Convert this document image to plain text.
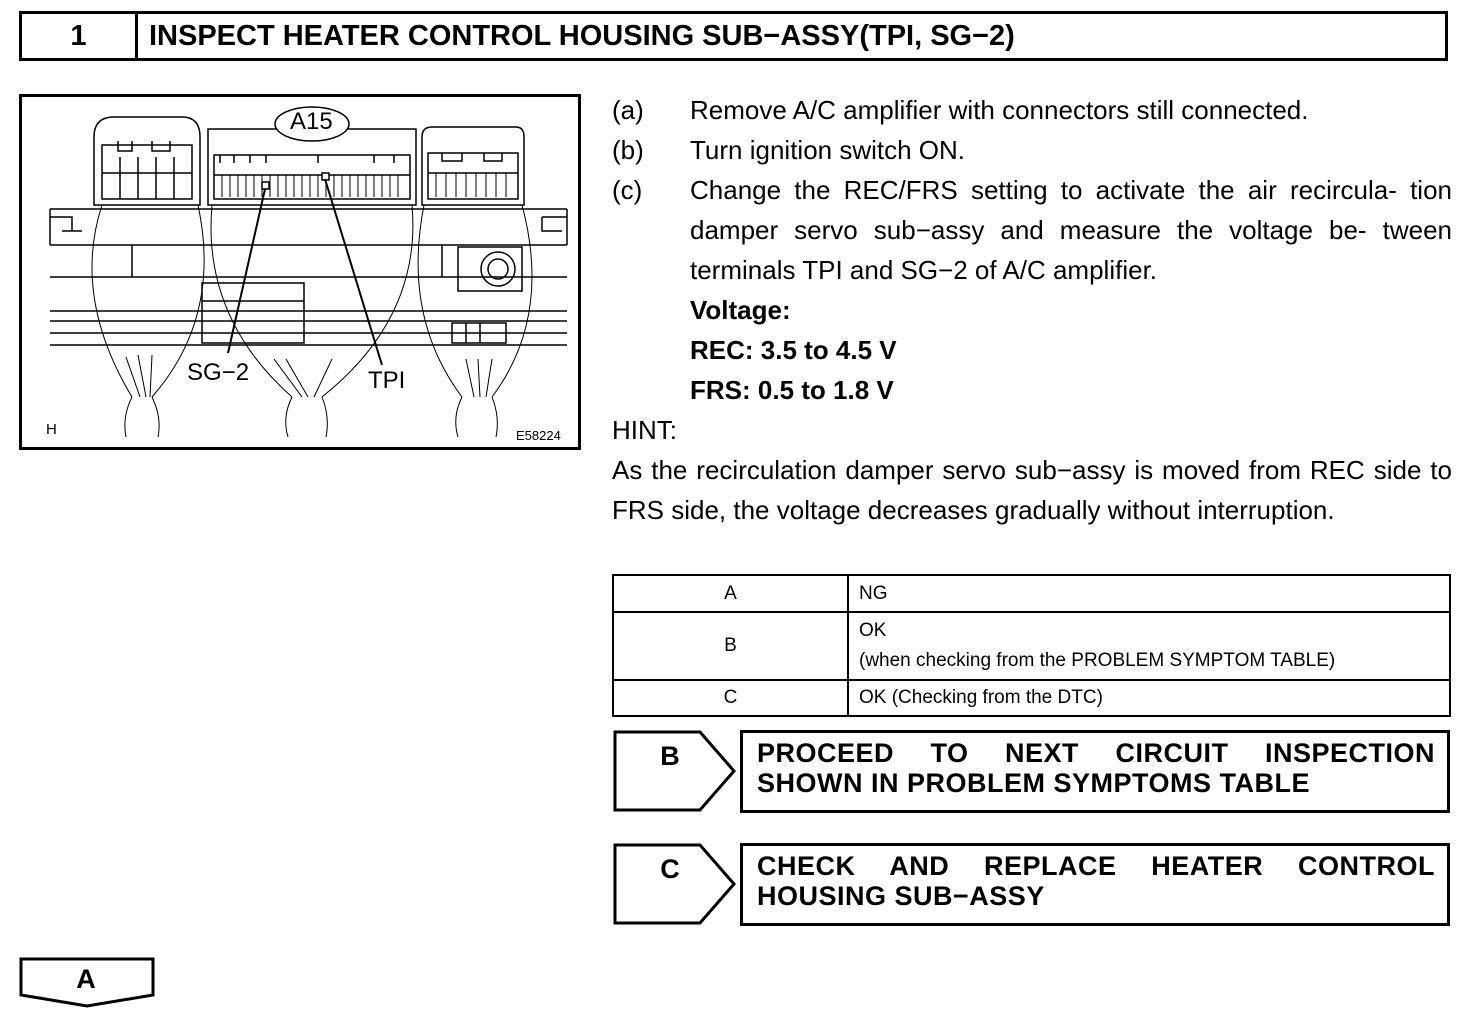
1	INSPECT HEATER CONTROL HOUSING SUB−ASSY(TPI, SG−2)
A15
SG−2	TPI
H	E58224
(a)	Remove A/C amplifier with connectors still connected.
(b)	Turn ignition switch ON.
(c)	Change the REC/FRS setting to activate the air recircula- tion damper servo sub−assy and measure the voltage be- tween terminals TPI and SG−2 of A/C amplifier.
Voltage:
REC: 3.5 to 4.5 V
FRS: 0.5 to 1.8 V
HINT:
As the recirculation damper servo sub−assy is moved from REC side to FRS side, the voltage decreases gradually without interruption.
A	NG
B	OK
(when checking from the PROBLEM SYMPTOM TABLE)

C	OK (Checking from the DTC)
B	PROCEED TO NEXT CIRCUIT INSPECTION
SHOWN IN PROBLEM SYMPTOMS TABLE
C	CHECK AND REPLACE HEATER CONTROL
HOUSING SUB−ASSY
A
